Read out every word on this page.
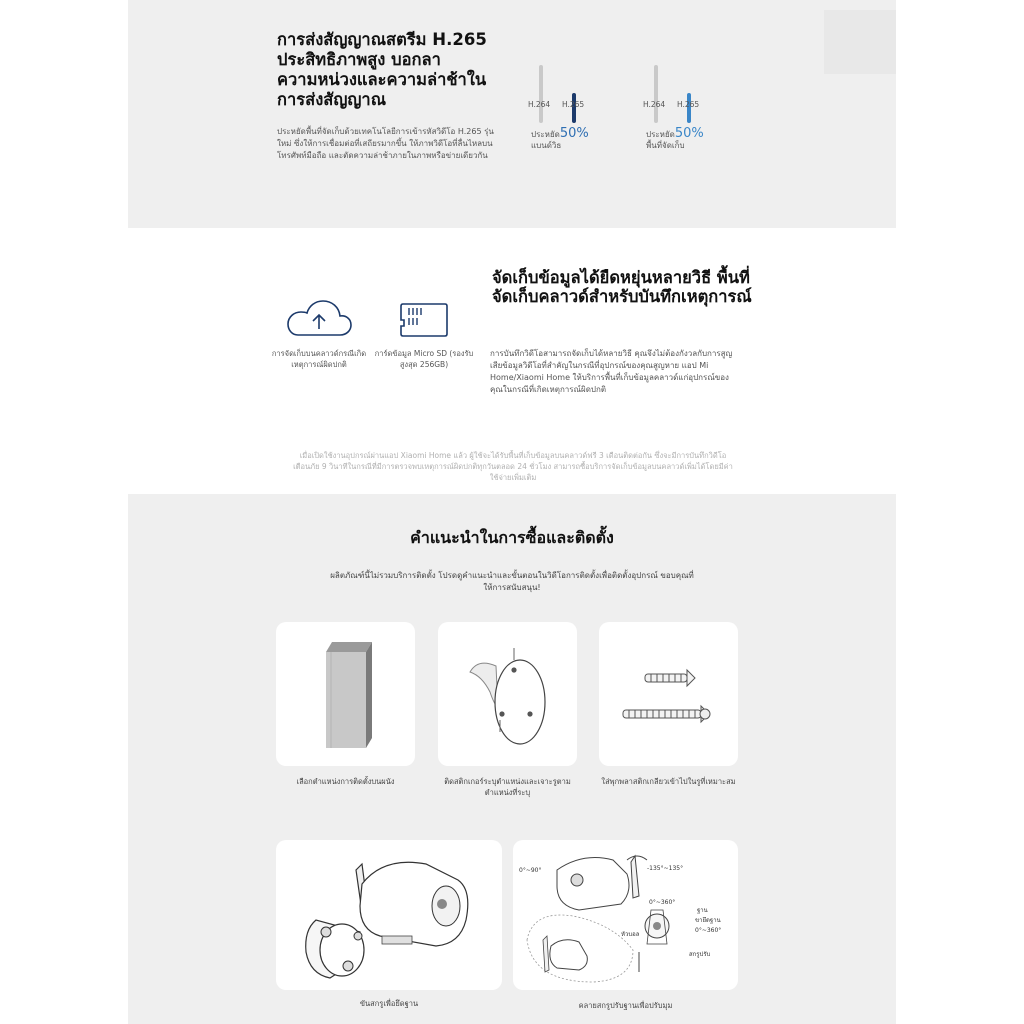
การส่งสัญญาณสตรีม H.265 ประสิทธิภาพสูง บอกลาความหน่วงและความล่าช้าในการส่งสัญญาณ

ประหยัดพื้นที่จัดเก็บด้วยเทคโนโลยีการเข้ารหัสวิดีโอ H.265 รุ่นใหม่ ซึ่งให้การเชื่อมต่อที่เสถียรมากขึ้น ให้ภาพวิดีโอที่ลื่นไหลบนโทรศัพท์มือถือ และตัดความล่าช้าภายในภาพหรือข่ายเดียวกัน

H.264 H.265
ประหยัด50%
แบนด์วิธ
H.264 H.265
ประหยัด50%
พื้นที่จัดเก็บ

การจัดเก็บบนคลาวด์กรณีเกิดเหตุการณ์ผิดปกติ

การ์ดข้อมูล Micro SD (รองรับสูงสุด 256GB)

จัดเก็บข้อมูลได้ยืดหยุ่นหลายวิธี พื้นที่จัดเก็บคลาวด์สำหรับบันทึกเหตุการณ์

การบันทึกวิดีโอสามารถจัดเก็บได้หลายวิธี คุณจึงไม่ต้องกังวลกับการสูญเสียข้อมูลวิดีโอที่สำคัญในกรณีที่อุปกรณ์ของคุณสูญหาย แอป Mi Home/Xiaomi Home ให้บริการพื้นที่เก็บข้อมูลคลาวด์แก่อุปกรณ์ของคุณในกรณีที่เกิดเหตุการณ์ผิดปกติ

เมื่อเปิดใช้งานอุปกรณ์ผ่านแอป Xiaomi Home แล้ว ผู้ใช้จะได้รับพื้นที่เก็บข้อมูลบนคลาวด์ฟรี 3 เดือนติดต่อกัน ซึ่งจะมีการบันทึกวิดีโอเตือนภัย 9 วินาทีในกรณีที่มีการตรวจพบเหตุการณ์ผิดปกติทุกวันตลอด 24 ชั่วโมง สามารถซื้อบริการจัดเก็บข้อมูลบนคลาวด์เพิ่มได้โดยมีค่าใช้จ่ายเพิ่มเติม

คำแนะนำในการซื้อและติดตั้ง

ผลิตภัณฑ์นี้ไม่รวมบริการติดตั้ง โปรดดูคำแนะนำและขั้นตอนในวิดีโอการติดตั้งเพื่อติดตั้งอุปกรณ์ ขอบคุณที่ให้การสนับสนุน!

เลือกตำแหน่งการติดตั้งบนผนัง	ติดสติกเกอร์ระบุตำแหน่งและเจาะรูตามตำแหน่งที่ระบุ

ใส่พุกพลาสติกเกลียวเข้าไปในรูที่เหมาะสม

ขันสกรูเพื่อยึดฐาน

0°~90°	-135°~135°
0°~360°
ฐาน
ขายึดฐาน
0°~360°
หัวบอล
สกรูปรับ

คลายสกรูปรับฐานเพื่อปรับมุม
